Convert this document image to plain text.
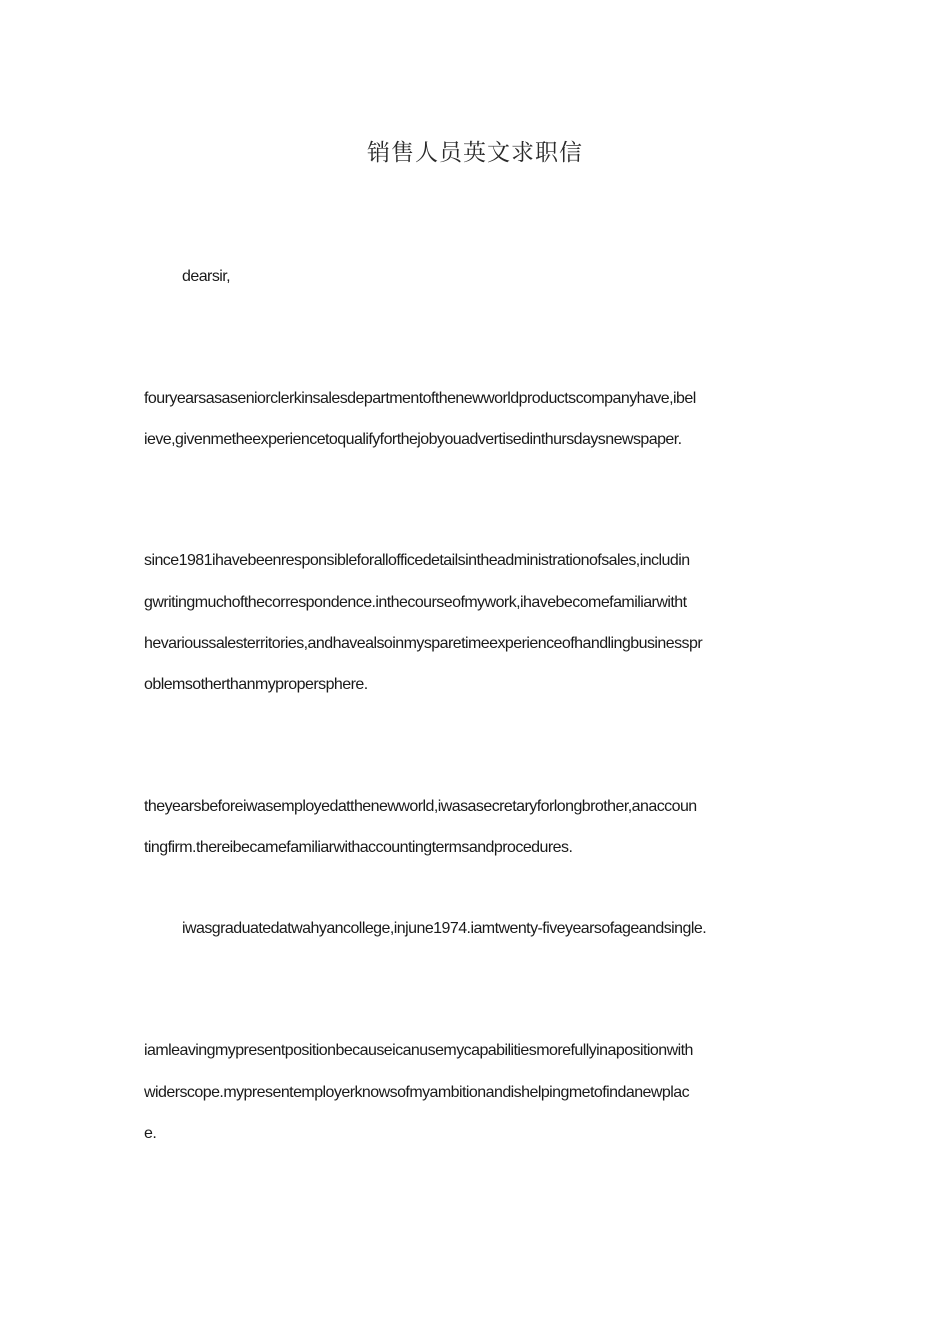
销售人员英文求职信
dearsir,
fouryearsasaseniorclerkinsalesdepartmentofthenewworldproductscompanyhave,ibel
ieve,givenmetheexperiencetoqualifyforthejobyouadvertisedinthursdaysnewspaper.
since1981ihavebeenresponsibleforallofficedetailsintheadministrationofsales,includin
gwritingmuchofthecorrespondence.inthecourseofmywork,ihavebecomefamiliarwitht
hevarioussalesterritories,andhavealsoinmysparetimeexperienceofhandlingbusinesspr
oblemsotherthanmypropersphere.
theyearsbeforeiwasemployedatthenewworld,iwasasecretaryforlongbrother,anaccoun
tingfirm.thereibecamefamiliarwithaccountingtermsandprocedures.
iwasgraduatedatwahyancollege,injune1974.iamtwenty-fiveyearsofageandsingle.
iamleavingmypresentpositionbecauseicanusemycapabilitiesmorefullyinapositionwith
widerscope.mypresentemployerknowsofmyambitionandishelpingmetofindanewplac
e.
